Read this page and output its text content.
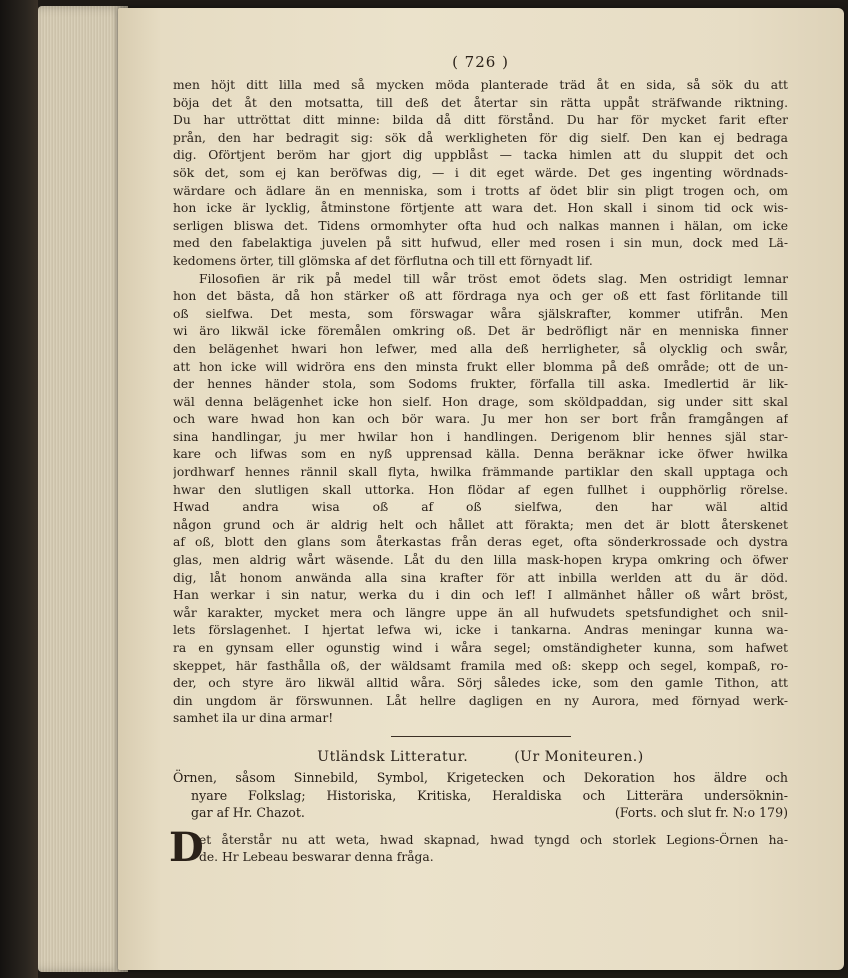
( 726 )
men höjt ditt lilla med så mycken möda planterade träd åt en sida, så sök du att
böja det åt den motsatta, till deß det återtar sin rätta uppåt sträfwande riktning.
Du har uttröttat ditt minne: bilda då ditt förstånd. Du har för mycket farit efter
prån, den har bedragit sig: sök då werkligheten för dig sielf. Den kan ej bedraga
dig. Oförtjent beröm har gjort dig uppblåst — tacka himlen att du sluppit det och
sök det, som ej kan beröfwas dig, — i dit eget wärde. Det ges ingenting wördnads-
wärdare och ädlare än en menniska, som i trotts af ödet blir sin pligt trogen och, om
hon icke är lycklig, åtminstone förtjente att wara det. Hon skall i sinom tid ock wis-
serligen bliswa det. Tidens ormomhyter ofta hud och nalkas mannen i hälan, om icke
med den fabelaktiga juvelen på sitt hufwud, eller med rosen i sin mun, dock med Lä-
kedomens örter, till glömska af det förflutna och till ett förnyadt lif.
Filosofien är rik på medel till wår tröst emot ödets slag. Men ostridigt lemnar
hon det bästa, då hon stärker oß att fördraga nya och ger oß ett fast förlitande till
oß sielfwa. Det mesta, som förswagar wåra själskrafter, kommer utifrån. Men
wi äro likwäl icke föremålen omkring oß. Det är bedröfligt när en menniska finner
den belägenhet hwari hon lefwer, med alla deß herrligheter, så olycklig och swår,
att hon icke will widröra ens den minsta frukt eller blomma på deß område; ott de un-
der hennes händer stola, som Sodoms frukter, förfalla till aska. Imedlertid är lik-
wäl denna belägenhet icke hon sielf. Hon drage, som sköldpaddan, sig under sitt skal
och ware hwad hon kan och bör wara. Ju mer hon ser bort från framgången af
sina handlingar, ju mer hwilar hon i handlingen. Derigenom blir hennes själ star-
kare och lifwas som en nyß upprensad källa. Denna beräknar icke öfwer hwilka
jordhwarf hennes rännil skall flyta, hwilka främmande partiklar den skall upptaga och
hwar den slutligen skall uttorka. Hon flödar af egen fullhet i oupphörlig rörelse.
Hwad andra wisa oß af oß sielfwa, den har wäl altid
någon grund och är aldrig helt och hållet att förakta; men det är blott återskenet
af oß, blott den glans som återkastas från deras eget, ofta sönderkrossade och dystra
glas, men aldrig wårt wäsende. Låt du den lilla mask-hopen krypa omkring och öfwer
dig, låt honom anwända alla sina krafter för att inbilla werlden att du är död.
Han werkar i sin natur, werka du i din och lef! I allmänhet håller oß wårt bröst,
wår karakter, mycket mera och längre uppe än all hufwudets spetsfundighet och snil-
lets förslagenhet. I hjertat lefwa wi, icke i tankarna. Andras meningar kunna wa-
ra en gynsam eller ogunstig wind i wåra segel; omständigheter kunna, som hafwet
skeppet, här fasthålla oß, der wäldsamt framila med oß: skepp och segel, kompaß, ro-
der, och styre äro likwäl alltid wåra. Sörj således icke, som den gamle Tithon, att
din ungdom är förswunnen. Låt hellre dagligen en ny Aurora, med förnyad werk-
samhet ila ur dina armar!
Utländsk Litteratur.	(Ur Moniteuren.)
Örnen, såsom Sinnebild, Symbol, Krigetecken och Dekoration hos äldre och
nyare Folkslag; Historiska, Kritiska, Heraldiska och Litterära undersöknin-
gar af Hr. Chazot.	(Forts. och slut fr. N:o 179)
D
et återstår nu att weta, hwad skapnad, hwad tyngd och storlek Legions-Örnen ha-
de. Hr Lebeau beswarar denna fråga.
